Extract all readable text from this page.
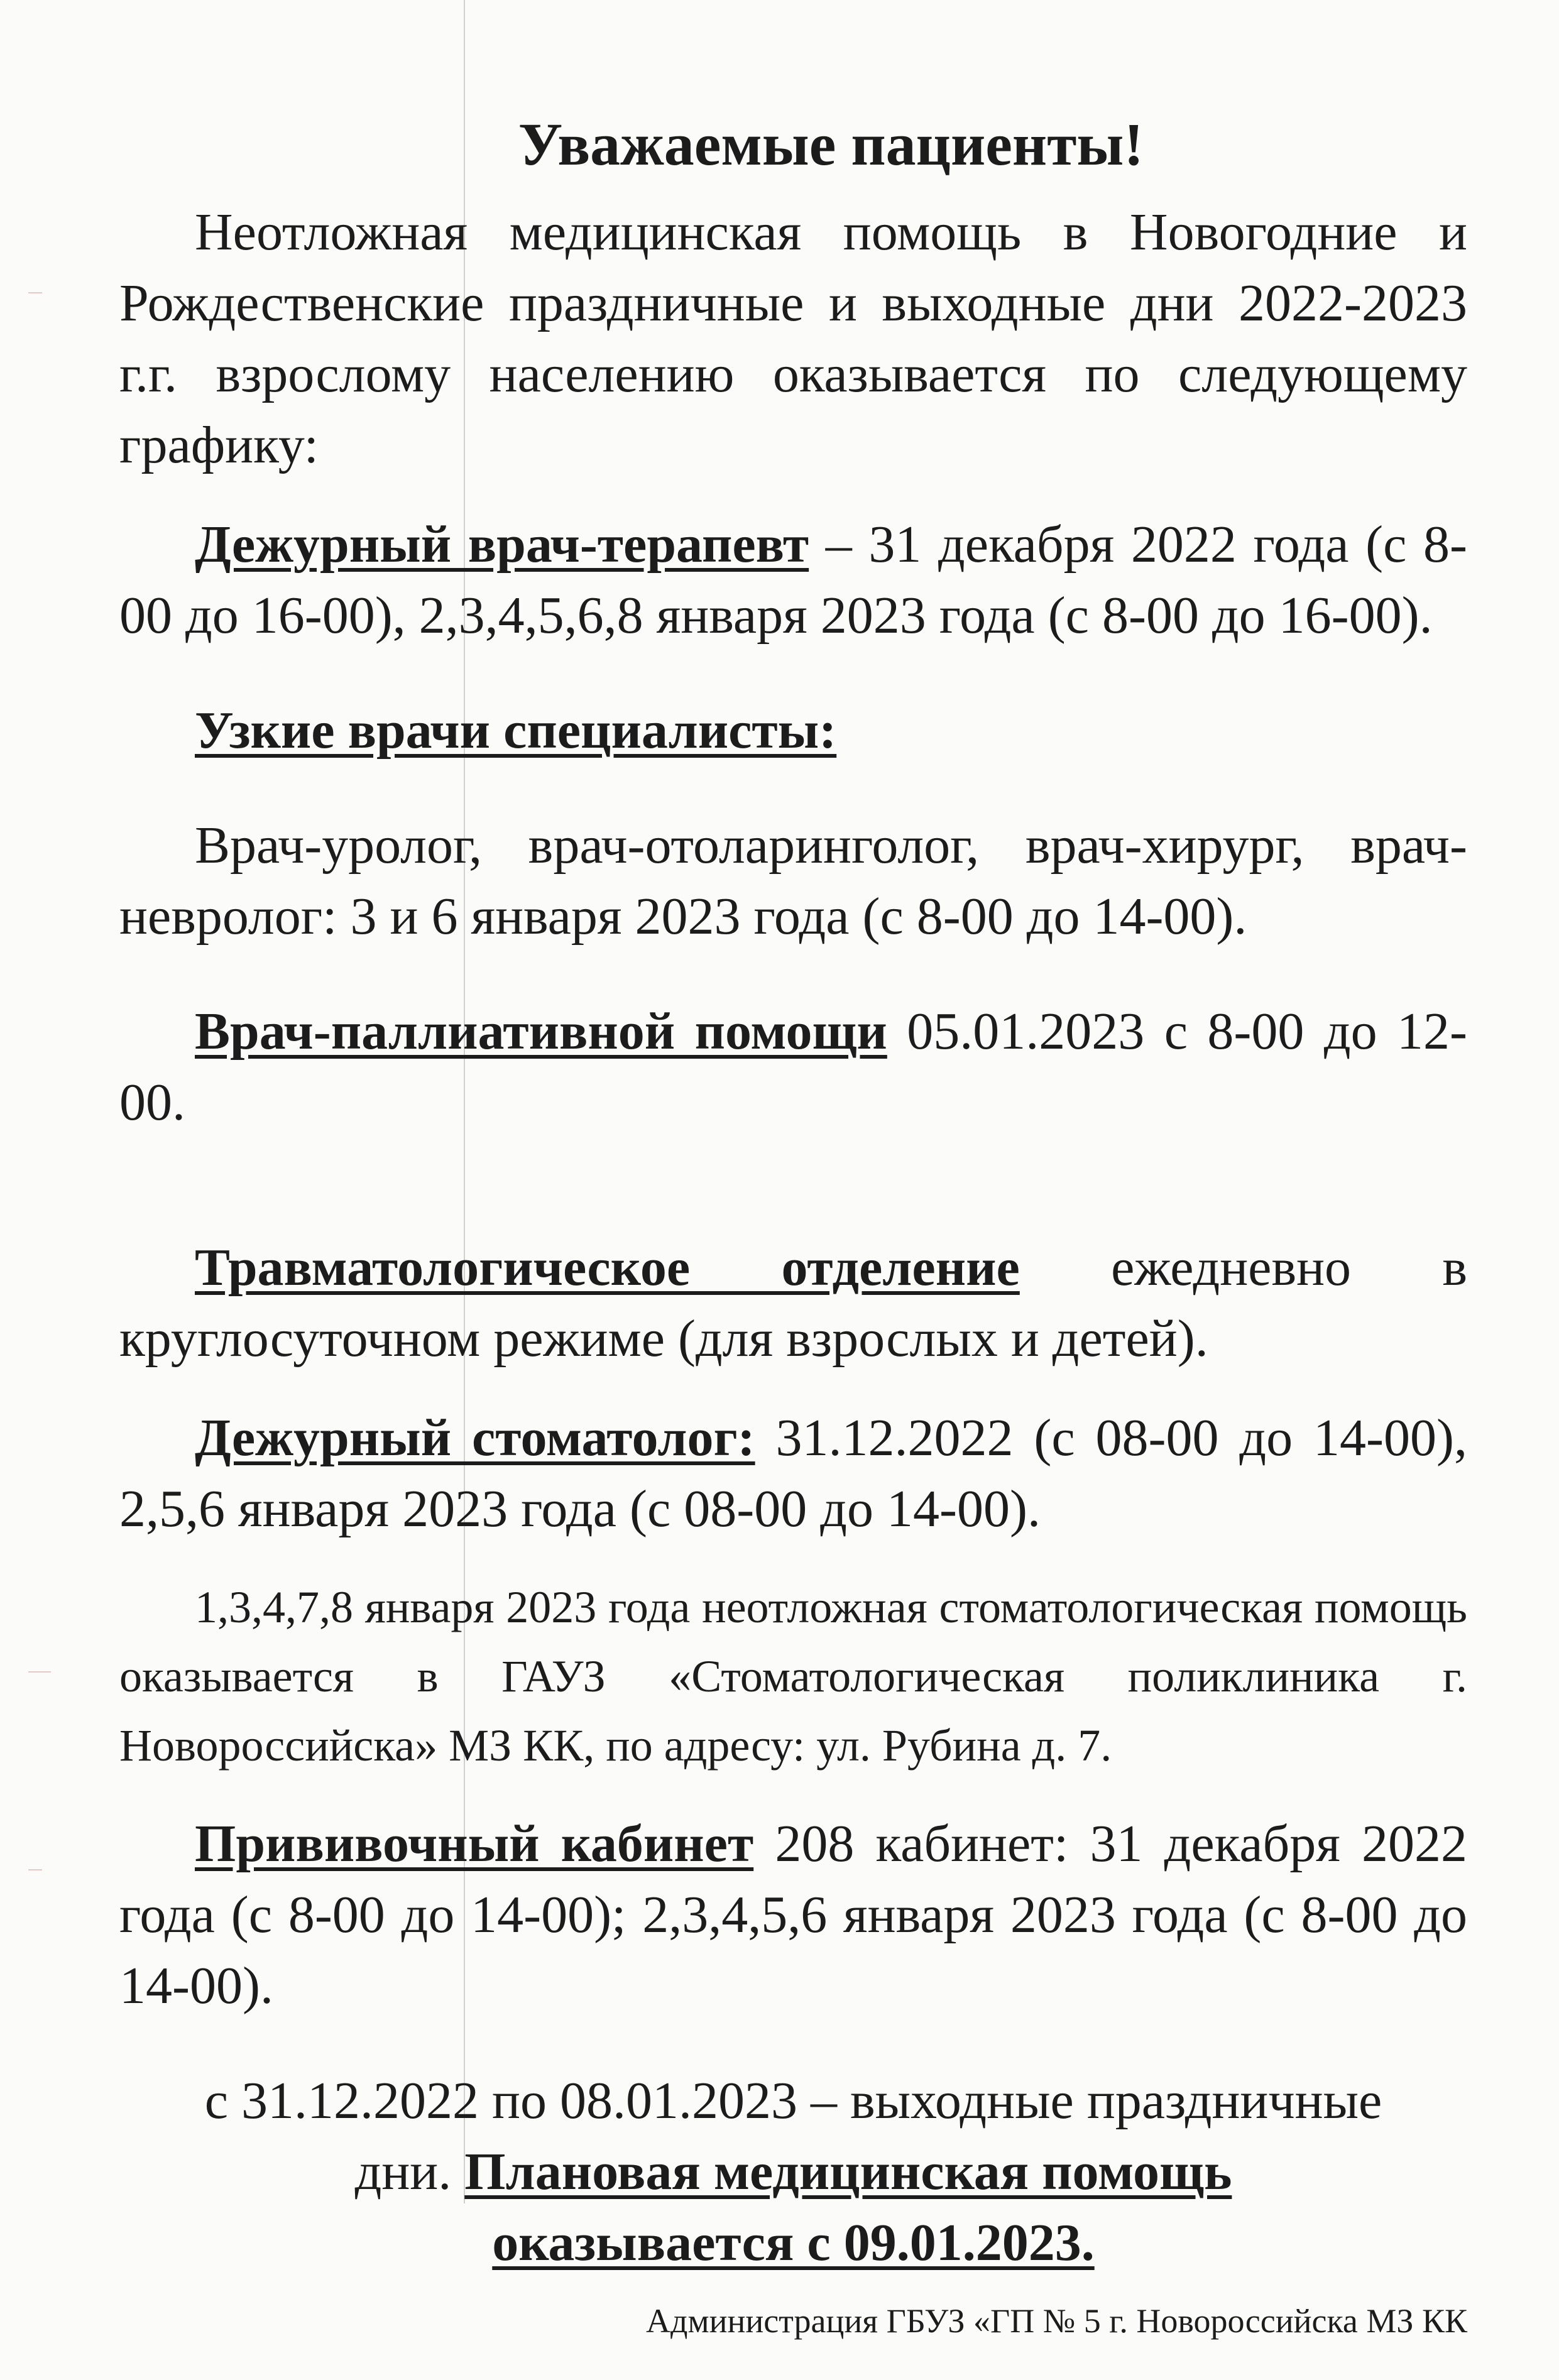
Уважаемые пациенты!

Неотложная медицинская помощь в Новогодние и Рождественские праздничные и выходные дни 2022-2023 г.г. взрослому населению оказывается по следующему графику:

Дежурный врач-терапевт – 31 декабря 2022 года (с 8-00 до 16-00), 2,3,4,5,6,8 января 2023 года (с 8-00 до 16-00).

Узкие врачи специалисты:

Врач-уролог, врач-отоларинголог, врач-хирург, врач-невролог: 3 и 6 января 2023 года (с 8-00 до 14-00).

Врач-паллиативной помощи 05.01.2023 с 8-00 до 12-00.

Травматологическое отделение ежедневно в круглосуточном режиме (для взрослых и детей).

Дежурный стоматолог: 31.12.2022 (с 08-00 до 14-00), 2,5,6 января 2023 года (с 08-00 до 14-00).

1,3,4,7,8 января 2023 года неотложная стоматологическая помощь оказывается в ГАУЗ «Стоматологическая поликлиника г. Новороссийска» МЗ КК, по адресу: ул. Рубина д. 7.

Прививочный кабинет 208 кабинет: 31 декабря 2022 года (с 8-00 до 14-00); 2,3,4,5,6 января 2023 года (с 8-00 до 14-00).

с 31.12.2022 по 08.01.2023 – выходные праздничные

дни. Плановая медицинская помощь оказывается с 09.01.2023.

Администрация ГБУЗ «ГП № 5 г. Новороссийска МЗ КК
